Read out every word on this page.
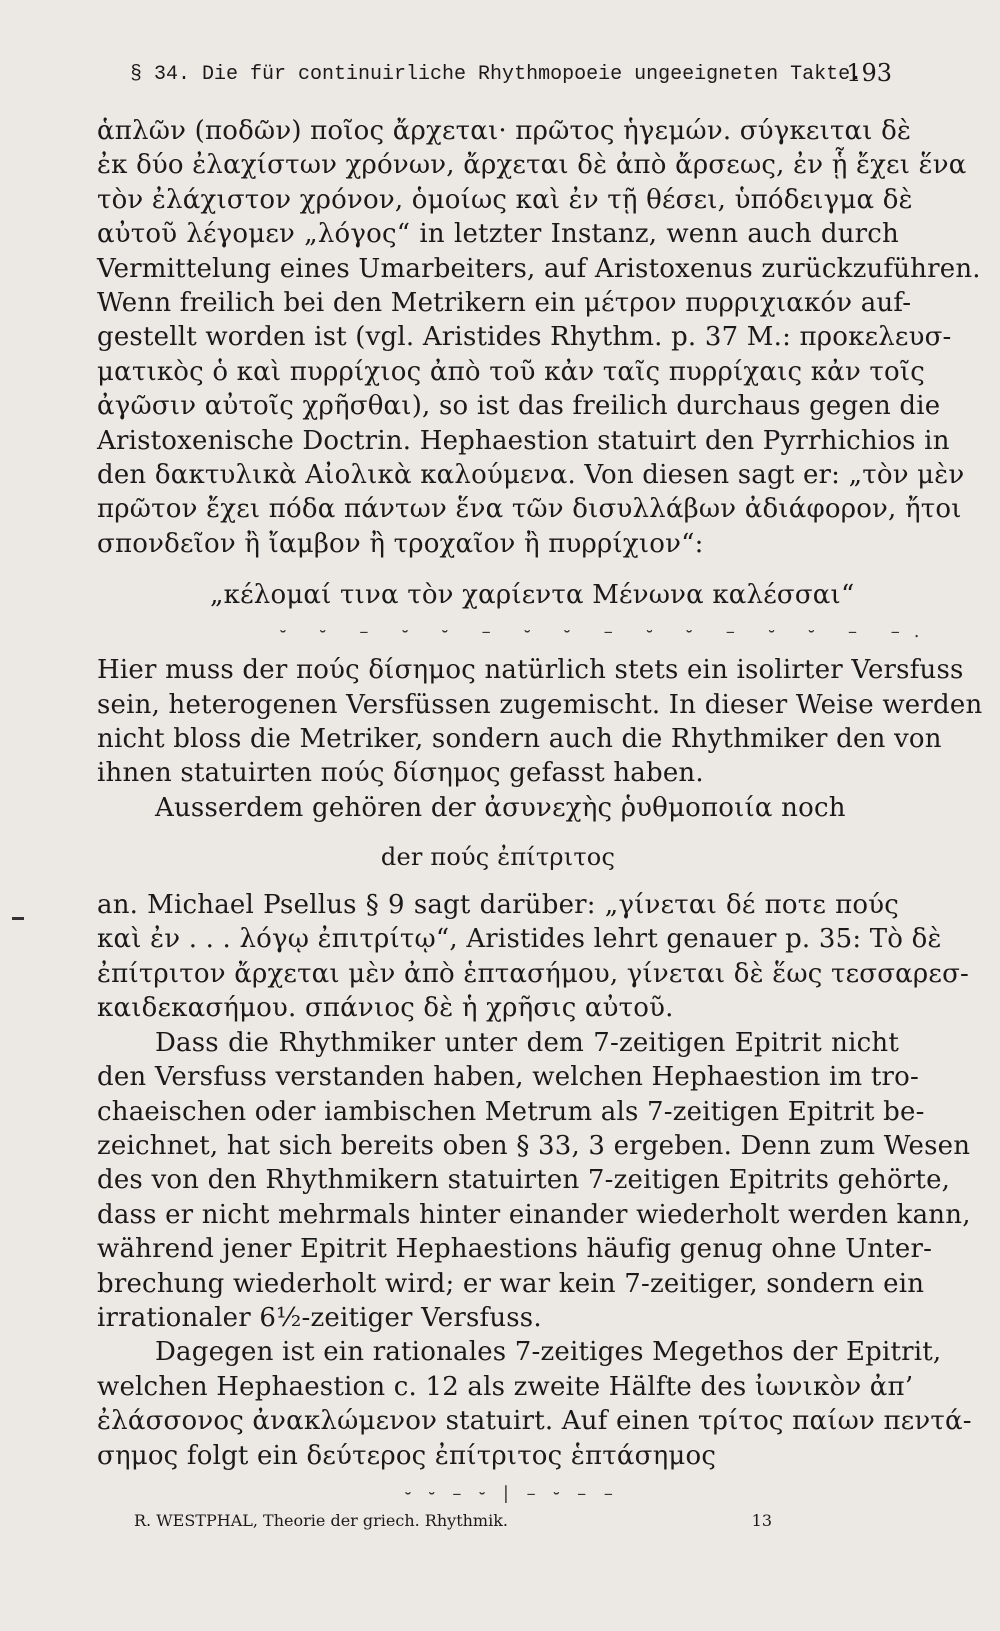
§ 34. Die für continuirliche Rhythmopoeie ungeeigneten Takte.
193
ἁπλῶν (ποδῶν) ποῖος ἄρχεται· πρῶτος ἡγεμών. σύγκειται δὲ
ἐκ δύο ἐλαχίστων χρόνων, ἄρχεται δὲ ἀπὸ ἄρσεως, ἐν ᾗ ἔχει ἕνα
τὸν ἐλάχιστον χρόνον, ὁμοίως καὶ ἐν τῇ θέσει, ὑπόδειγμα δὲ
αὐτοῦ λέγομεν „λόγος“ in letzter Instanz, wenn auch durch
Vermittelung eines Umarbeiters, auf Aristoxenus zurückzuführen.
Wenn freilich bei den Metrikern ein μέτρον πυρριχιακόν auf-
gestellt worden ist (vgl. Aristides Rhythm. p. 37 M.: προκελευσ-
ματικὸς ὁ καὶ πυρρίχιος ἀπὸ τοῦ κἀν ταῖς πυρρίχαις κἀν τοῖς
ἀγῶσιν αὐτοῖς χρῆσθαι), so ist das freilich durchaus gegen die
Aristoxenische Doctrin. Hephaestion statuirt den Pyrrhichios in
den δακτυλικὰ Αἰολικὰ καλούμενα. Von diesen sagt er: „τὸν μὲν
πρῶτον ἔχει πόδα πάντων ἕνα τῶν δισυλλάβων ἀδιάφορον, ἤτοι
σπονδεῖον ἢ ἴαμβον ἢ τροχαῖον ἢ πυρρίχιον“:
„κέλομαί τινα τὸν χαρίεντα Μένωνα καλέσσαι“
⏑ ⏑ – ⏑ ⏑ – ⏑ ⏑ – ⏑ ⏑ – ⏑ ⏑ – –.
Hier muss der πούς δίσημος natürlich stets ein isolirter Versfuss
sein, heterogenen Versfüssen zugemischt. In dieser Weise werden
nicht bloss die Metriker, sondern auch die Rhythmiker den von
ihnen statuirten πούς δίσημος gefasst haben.
Ausserdem gehören der ἀσυνεχὴς ῥυθμοποιία noch
der πούς ἐπίτριτος
an. Michael Psellus § 9 sagt darüber: „γίνεται δέ ποτε πούς
καὶ ἐν . . . λόγῳ ἐπιτρίτῳ“, Aristides lehrt genauer p. 35: Τὸ δὲ
ἐπίτριτον ἄρχεται μὲν ἀπὸ ἑπτασήμου, γίνεται δὲ ἕως τεσσαρεσ-
καιδεκασήμου. σπάνιος δὲ ἡ χρῆσις αὐτοῦ.
Dass die Rhythmiker unter dem 7-zeitigen Epitrit nicht
den Versfuss verstanden haben, welchen Hephaestion im tro-
chaeischen oder iambischen Metrum als 7-zeitigen Epitrit be-
zeichnet, hat sich bereits oben § 33, 3 ergeben. Denn zum Wesen
des von den Rhythmikern statuirten 7-zeitigen Epitrits gehörte,
dass er nicht mehrmals hinter einander wiederholt werden kann,
während jener Epitrit Hephaestions häufig genug ohne Unter-
brechung wiederholt wird; er war kein 7-zeitiger, sondern ein
irrationaler 6½-zeitiger Versfuss.
Dagegen ist ein rationales 7-zeitiges Megethos der Epitrit,
welchen Hephaestion c. 12 als zweite Hälfte des ἰωνικὸν ἀπ’
ἐλάσσονος ἀνακλώμενον statuirt. Auf einen τρίτος παίων πεντά-
σημος folgt ein δεύτερος ἐπίτριτος ἑπτάσημος
⏑ ⏑ – ⏑ | – ⏑ – –
R. WESTPHAL, Theorie der griech. Rhythmik.	13
